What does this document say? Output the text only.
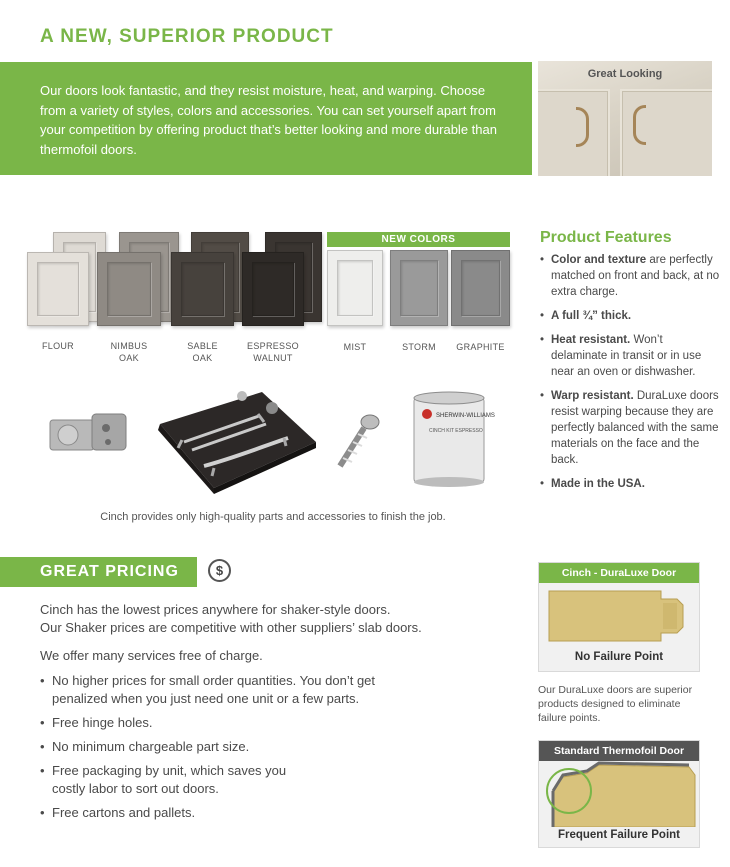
A NEW, SUPERIOR PRODUCT
Our doors look fantastic, and they resist moisture, heat, and warping. Choose from a variety of styles, colors and accessories. You can set yourself apart from your competition by offering product that’s better looking and more durable than thermofoil doors.
Great Looking
NEW COLORS
FLOUR	NIMBUS
OAK
SABLE
OAK
ESPRESSO
WALNUT
MIST	STORM	GRAPHITE

SHERWIN-WILLIAMS
CINCH KIT ESPRESSO
Cinch provides only high-quality parts and accessories to finish the job.
Product Features
• Color and texture are perfectly matched on front and back, at no extra charge.
• A full ¾” thick.
• Heat resistant. Won’t delaminate in transit or in use near an oven or dishwasher.
• Warp resistant. DuraLuxe doors resist warping because they are perfectly balanced with the same materials on the face and the back.
• Made in the USA.
GREAT PRICING	$
Cinch has the lowest prices anywhere for shaker-style doors.
Our Shaker prices are competitive with other suppliers’ slab doors.
We offer many services free of charge.
• No higher prices for small order quantities. You don’t get
penalized when you just need one unit or a few parts.
• Free hinge holes.
• No minimum chargeable part size.
• Free packaging by unit, which saves you
costly labor to sort out doors.
• Free cartons and pallets.
Cinch - DuraLuxe Door
No Failure Point
Our DuraLuxe doors are superior products designed to eliminate failure points.
Standard Thermofoil Door
Frequent Failure Point
